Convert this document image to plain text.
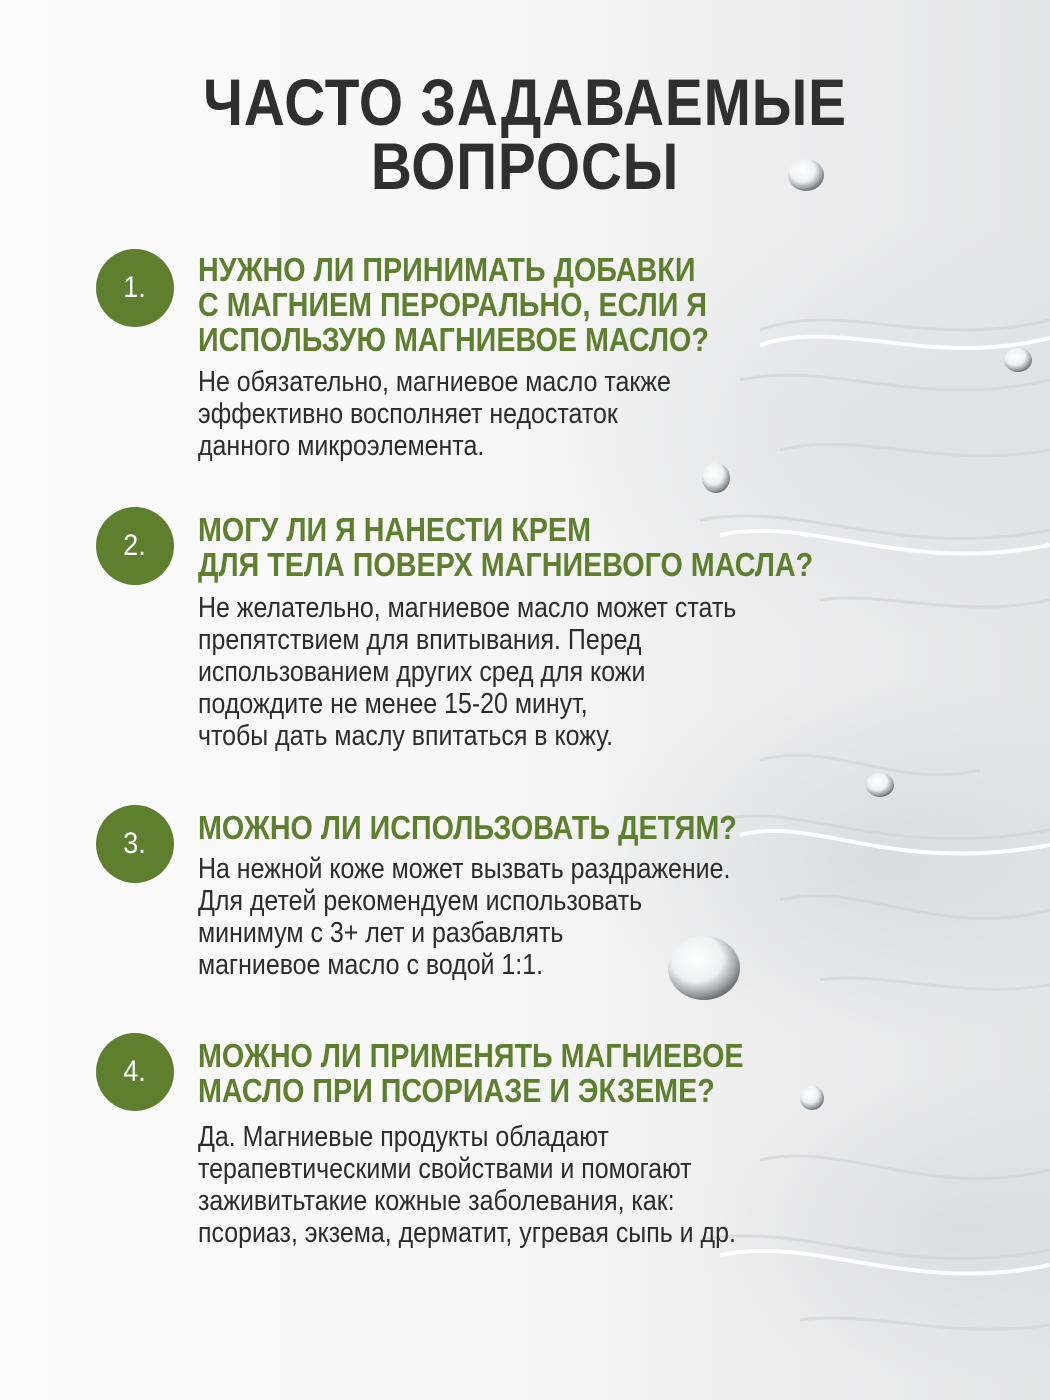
ЧАСТО ЗАДАВАЕМЫЕ
ВОПРОСЫ
1.	НУЖНО ЛИ ПРИНИМАТЬ ДОБАВКИ
С МАГНИЕМ ПЕРОРАЛЬНО, ЕСЛИ Я
ИСПОЛЬЗУЮ МАГНИЕВОЕ МАСЛО?
Не обязательно, магниевое масло также
эффективно восполняет недостаток
данного микроэлемента.
2.	МОГУ ЛИ Я НАНЕСТИ КРЕМ
ДЛЯ ТЕЛА ПОВЕРХ МАГНИЕВОГО МАСЛА?
Не желательно, магниевое масло может стать
препятствием для впитывания. Перед
использованием других сред для кожи
подождите не менее 15-20 минут,
чтобы дать маслу впитаться в кожу.
3.	МОЖНО ЛИ ИСПОЛЬЗОВАТЬ ДЕТЯМ?
На нежной коже может вызвать раздражение.
Для детей рекомендуем использовать
минимум с 3+ лет и разбавлять
магниевое масло с водой 1:1.
4.	МОЖНО ЛИ ПРИМЕНЯТЬ МАГНИЕВОЕ
МАСЛО ПРИ ПСОРИАЗЕ И ЭКЗЕМЕ?
Да. Магниевые продукты обладают
терапевтическими свойствами и помогают
заживитьтакие кожные заболевания, как:
псориаз, экзема, дерматит, угревая сыпь и др.
